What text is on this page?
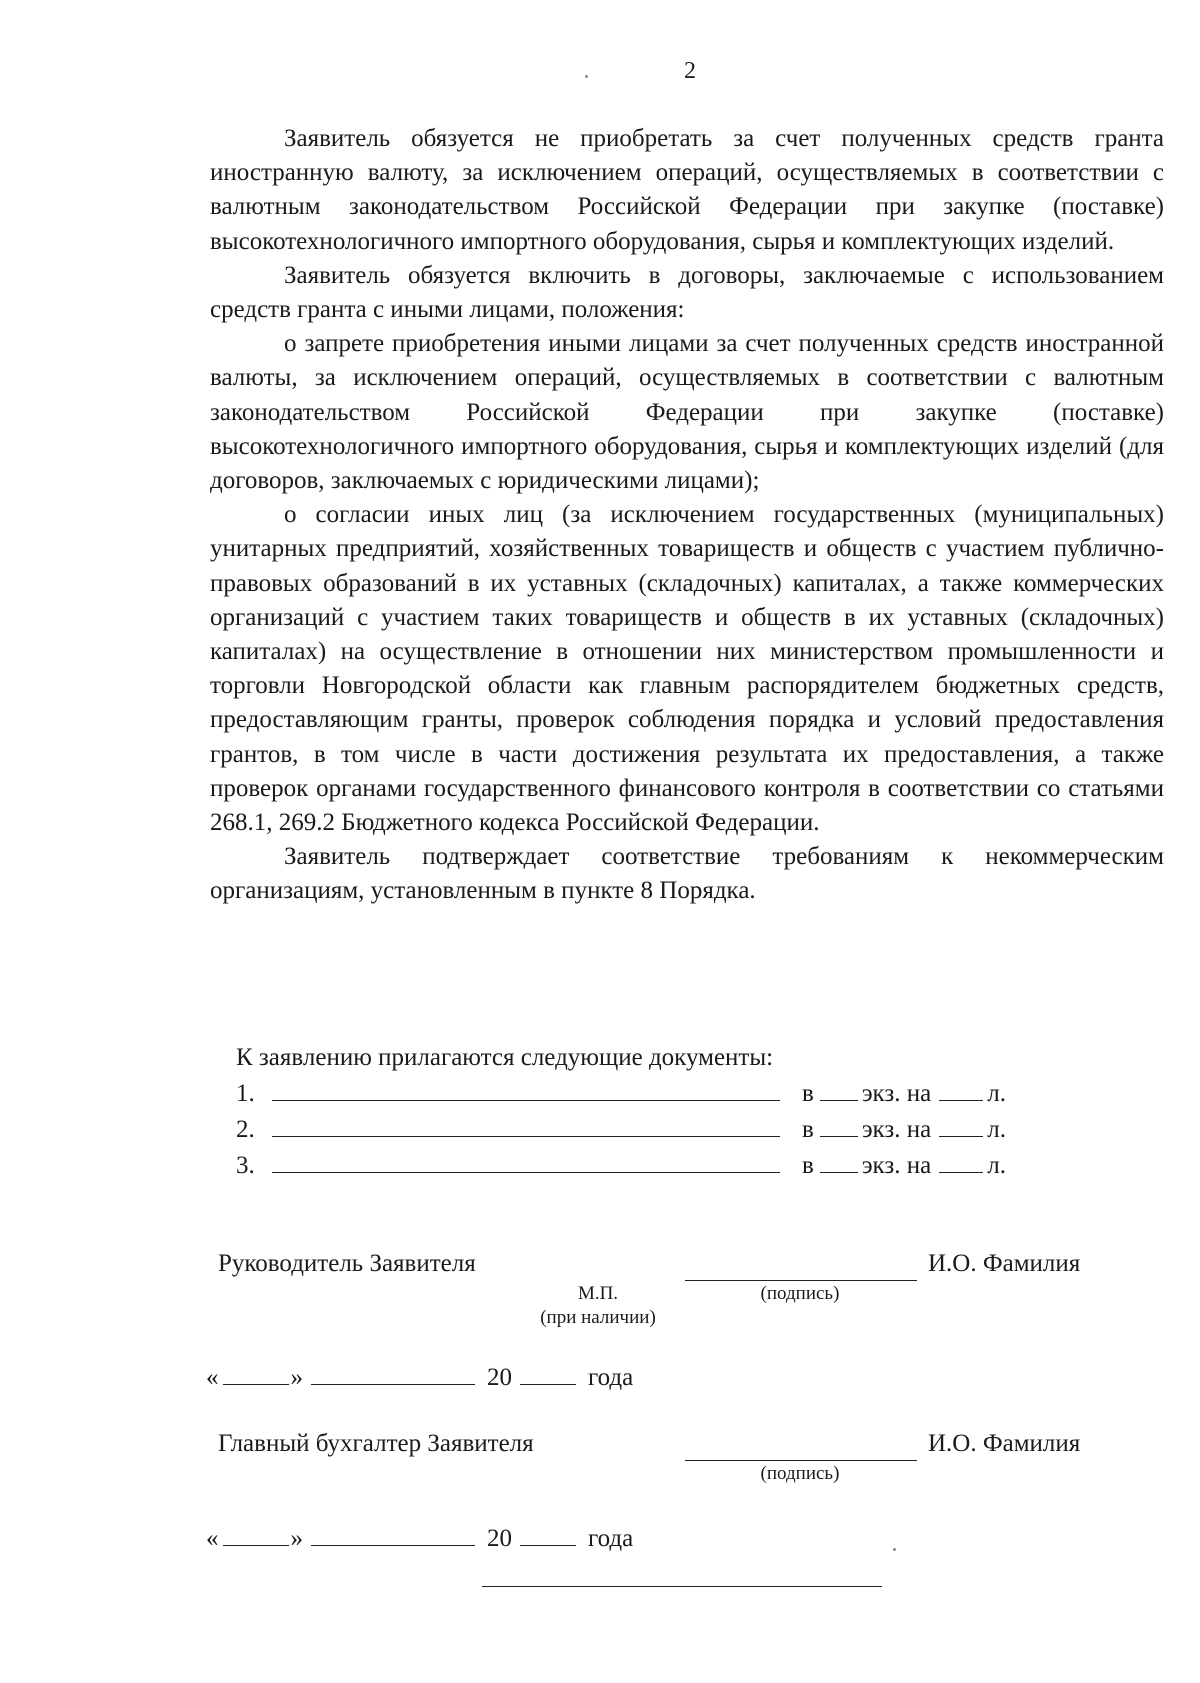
2

Заявитель обязуется не приобретать за счет полученных средств гранта иностранную валюту, за исключением операций, осуществляемых в соответствии с валютным законодательством Российской Федерации при закупке (поставке) высокотехнологичного импортного оборудования, сырья и комплектующих изделий.

Заявитель обязуется включить в договоры, заключаемые с использованием средств гранта с иными лицами, положения:

о запрете приобретения иными лицами за счет полученных средств иностранной валюты, за исключением операций, осуществляемых в соответствии с валютным законодательством Российской Федерации при закупке (поставке) высокотехнологичного импортного оборудования, сырья и комплектующих изделий (для договоров, заключаемых с юридическими лицами);

о согласии иных лиц (за исключением государственных (муниципальных) унитарных предприятий, хозяйственных товариществ и обществ с участием публично-правовых образований в их уставных (складочных) капиталах, а также коммерческих организаций с участием таких товариществ и обществ в их уставных (складочных) капиталах) на осуществление в отношении них министерством промышленности и торговли Новгородской области как главным распорядителем бюджетных средств, предоставляющим гранты, проверок соблюдения порядка и условий предоставления грантов, в том числе в части достижения результата их предоставления, а также проверок органами государственного финансового контроля в соответствии со статьями 268.1, 269.2 Бюджетного кодекса Российской Федерации.

Заявитель подтверждает соответствие требованиям к некоммерческим организациям, установленным в пункте 8 Порядка.

К заявлению прилагаются следующие документы:

1.	в экз. на л.
2.	в экз. на л.
3.	в экз. на л.
Руководитель Заявителя	И.О. Фамилия
М.П.	(подпись)
(при наличии)
«	»	20	года
Главный бухгалтер Заявителя	И.О. Фамилия
(подпись)
«	»	20	года
